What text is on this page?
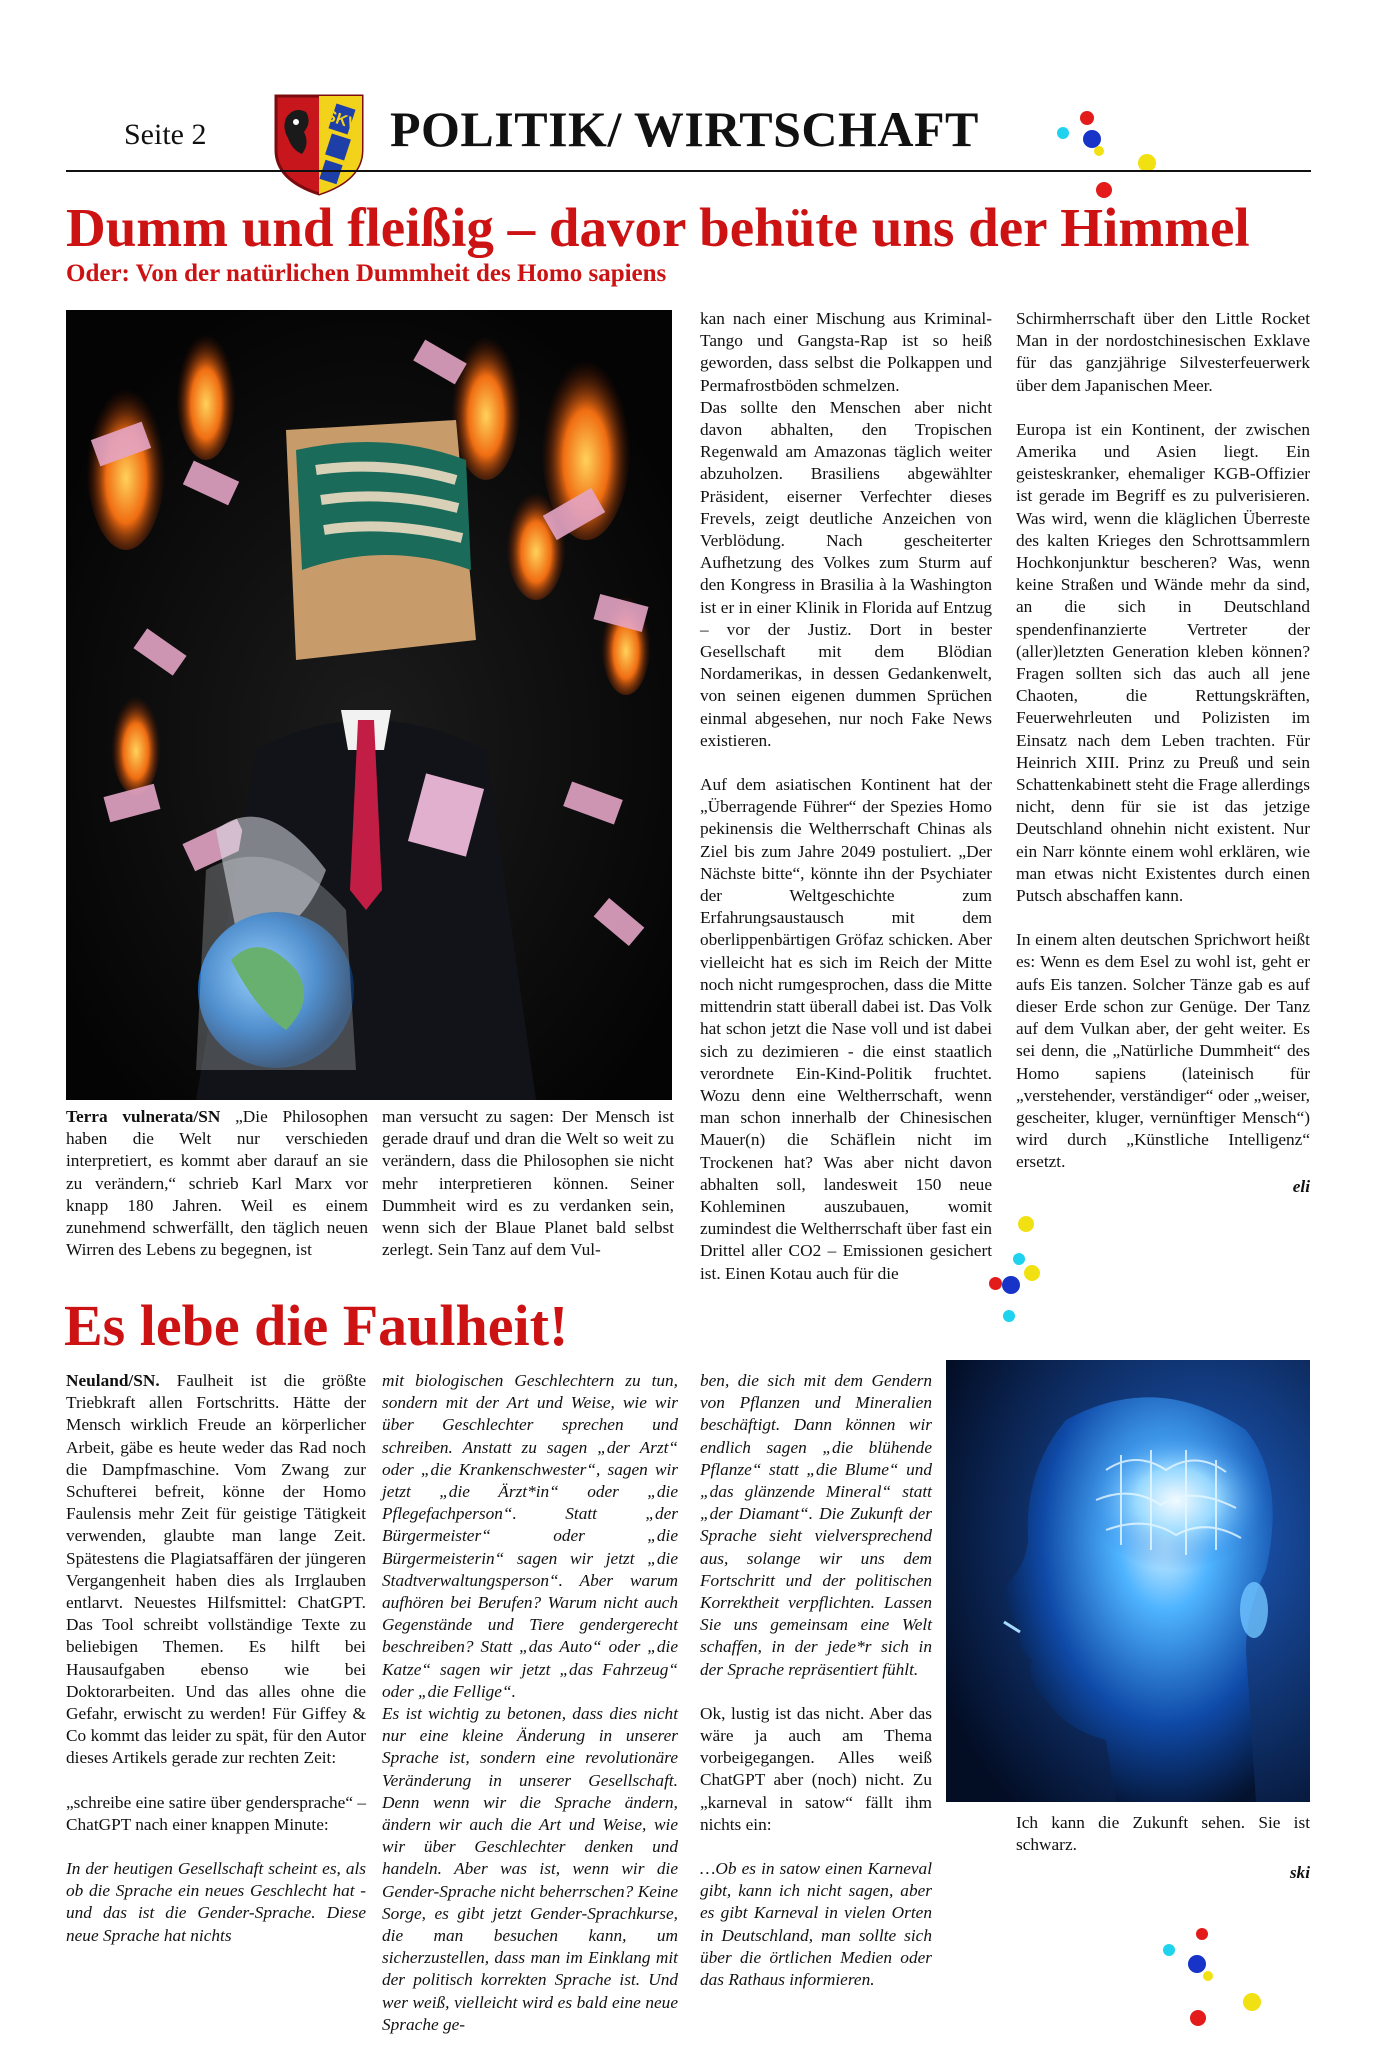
Seite 2	SKV POLITIK/ WIRTSCHAFT
Dumm und fleißig – davor behüte uns der Himmel
Oder: Von der natürlichen Dummheit des Homo sapiens

Terra vulnerata/SN „Die Philosophen haben die Welt nur verschieden interpretiert, es kommt aber darauf an sie zu verändern,“ schrieb Karl Marx vor knapp 180 Jahren. Weil es einem zunehmend schwerfällt, den täglich neuen Wirren des Lebens zu begegnen, ist

man versucht zu sagen: Der Mensch ist gerade drauf und dran die Welt so weit zu verändern, dass die Philosophen sie nicht mehr interpretieren können. Seiner Dummheit wird es zu verdanken sein, wenn sich der Blaue Planet bald selbst zerlegt. Sein Tanz auf dem Vul-

kan nach einer Mischung aus Kriminal-Tango und Gangsta-Rap ist so heiß geworden, dass selbst die Polkappen und Permafrostböden schmelzen.
Das sollte den Menschen aber nicht davon abhalten, den Tropischen Regenwald am Amazonas täglich weiter abzuholzen. Brasiliens abgewählter Präsident, eiserner Verfechter dieses Frevels, zeigt deutliche Anzeichen von Verblödung. Nach gescheiterter Aufhetzung des Volkes zum Sturm auf den Kongress in Brasilia à la Washington ist er in einer Klinik in Florida auf Entzug – vor der Justiz. Dort in bester Gesellschaft mit dem Blödian Nordamerikas, in dessen Gedankenwelt, von seinen eigenen dummen Sprüchen einmal abgesehen, nur noch Fake News existieren.

Auf dem asiatischen Kontinent hat der „Überragende Führer“ der Spezies Homo pekinensis die Weltherrschaft Chinas als Ziel bis zum Jahre 2049 postuliert. „Der Nächste bitte“, könnte ihn der Psychiater der Weltgeschichte zum Erfahrungsaustausch mit dem oberlippenbärtigen Gröfaz schicken. Aber vielleicht hat es sich im Reich der Mitte noch nicht rumgesprochen, dass die Mitte mittendrin statt überall dabei ist. Das Volk hat schon jetzt die Nase voll und ist dabei sich zu dezimieren - die einst staatlich verordnete Ein-Kind-Politik fruchtet. Wozu denn eine Weltherrschaft, wenn man schon innerhalb der Chinesischen Mauer(n) die Schäflein nicht im Trockenen hat? Was aber nicht davon abhalten soll, landesweit 150 neue Kohleminen auszubauen, womit zumindest die Weltherrschaft über fast ein Drittel aller CO2 – Emissionen gesichert ist. Einen Kotau auch für die

Schirmherrschaft über den Little Rocket Man in der nordostchinesischen Exklave für das ganzjährige Silvesterfeuerwerk über dem Japanischen Meer.

Europa ist ein Kontinent, der zwischen Amerika und Asien liegt. Ein geisteskranker, ehemaliger KGB-Offizier ist gerade im Begriff es zu pulverisieren. Was wird, wenn die kläglichen Überreste des kalten Krieges den Schrottsammlern Hochkonjunktur bescheren? Was, wenn keine Straßen und Wände mehr da sind, an die sich in Deutschland spendenfinanzierte Vertreter der (aller)letzten Generation kleben können? Fragen sollten sich das auch all jene Chaoten, die Rettungskräften, Feuerwehrleuten und Polizisten im Einsatz nach dem Leben trachten. Für Heinrich XIII. Prinz zu Preuß und sein Schattenkabinett steht die Frage allerdings nicht, denn für sie ist das jetzige Deutschland ohnehin nicht existent. Nur ein Narr könnte einem wohl erklären, wie man etwas nicht Existentes durch einen Putsch abschaffen kann.

In einem alten deutschen Sprichwort heißt es: Wenn es dem Esel zu wohl ist, geht er aufs Eis tanzen. Solcher Tänze gab es auf dieser Erde schon zur Genüge. Der Tanz auf dem Vulkan aber, der geht weiter. Es sei denn, die „Natürliche Dummheit“ des Homo sapiens (lateinisch für „verstehender, verständiger“ oder „weiser, gescheiter, kluger, vernünftiger Mensch“) wird durch „Künstliche Intelligenz“ ersetzt.

eli

Es lebe die Faulheit!

Neuland/SN. Faulheit ist die größte Triebkraft allen Fortschritts. Hätte der Mensch wirklich Freude an körperlicher Arbeit, gäbe es heute weder das Rad noch die Dampfmaschine. Vom Zwang zur Schufterei befreit, könne der Homo Faulensis mehr Zeit für geistige Tätigkeit verwenden, glaubte man lange Zeit. Spätestens die Plagiatsaffären der jüngeren Vergangenheit haben dies als Irrglauben entlarvt. Neuestes Hilfsmittel: ChatGPT. Das Tool schreibt vollständige Texte zu beliebigen Themen. Es hilft bei Hausaufgaben ebenso wie bei Doktorarbeiten. Und das alles ohne die Gefahr, erwischt zu werden! Für Giffey & Co kommt das leider zu spät, für den Autor dieses Artikels gerade zur rechten Zeit:

„schreibe eine satire über gendersprache“ – ChatGPT nach einer knappen Minute:

In der heutigen Gesellschaft scheint es, als ob die Sprache ein neues Geschlecht hat - und das ist die Gender-Sprache. Diese neue Sprache hat nichts

mit biologischen Geschlechtern zu tun, sondern mit der Art und Weise, wie wir über Geschlechter sprechen und schreiben. Anstatt zu sagen „der Arzt“ oder „die Krankenschwester“, sagen wir jetzt „die Ärzt*in“ oder „die Pflegefachperson“. Statt „der Bürgermeister“ oder „die Bürgermeisterin“ sagen wir jetzt „die Stadtverwaltungsperson“. Aber warum aufhören bei Berufen? Warum nicht auch Gegenstände und Tiere gendergerecht beschreiben? Statt „das Auto“ oder „die Katze“ sagen wir jetzt „das Fahrzeug“ oder „die Fellige“.
Es ist wichtig zu betonen, dass dies nicht nur eine kleine Änderung in unserer Sprache ist, sondern eine revolutionäre Veränderung in unserer Gesellschaft. Denn wenn wir die Sprache ändern, ändern wir auch die Art und Weise, wie wir über Geschlechter denken und handeln. Aber was ist, wenn wir die Gender-Sprache nicht beherrschen? Keine Sorge, es gibt jetzt Gender-Sprachkurse, die man besuchen kann, um sicherzustellen, dass man im Einklang mit der politisch korrekten Sprache ist. Und wer weiß, vielleicht wird es bald eine neue Sprache ge-

ben, die sich mit dem Gendern von Pflanzen und Mineralien beschäftigt. Dann können wir endlich sagen „die blühende Pflanze“ statt „die Blume“ und „das glänzende Mineral“ statt „der Diamant“. Die Zukunft der Sprache sieht vielversprechend aus, solange wir uns dem Fortschritt und der politischen Korrektheit verpflichten. Lassen Sie uns gemeinsam eine Welt schaffen, in der jede*r sich in der Sprache repräsentiert fühlt.

Ok, lustig ist das nicht. Aber das wäre ja auch am Thema vorbeigegangen. Alles weiß ChatGPT aber (noch) nicht. Zu „karneval in satow“ fällt ihm nichts ein:

…Ob es in satow einen Karneval gibt, kann ich nicht sagen, aber es gibt Karneval in vielen Orten in Deutschland, man sollte sich über die örtlichen Medien oder das Rathaus informieren.

Ich kann die Zukunft sehen. Sie ist schwarz.

ski
